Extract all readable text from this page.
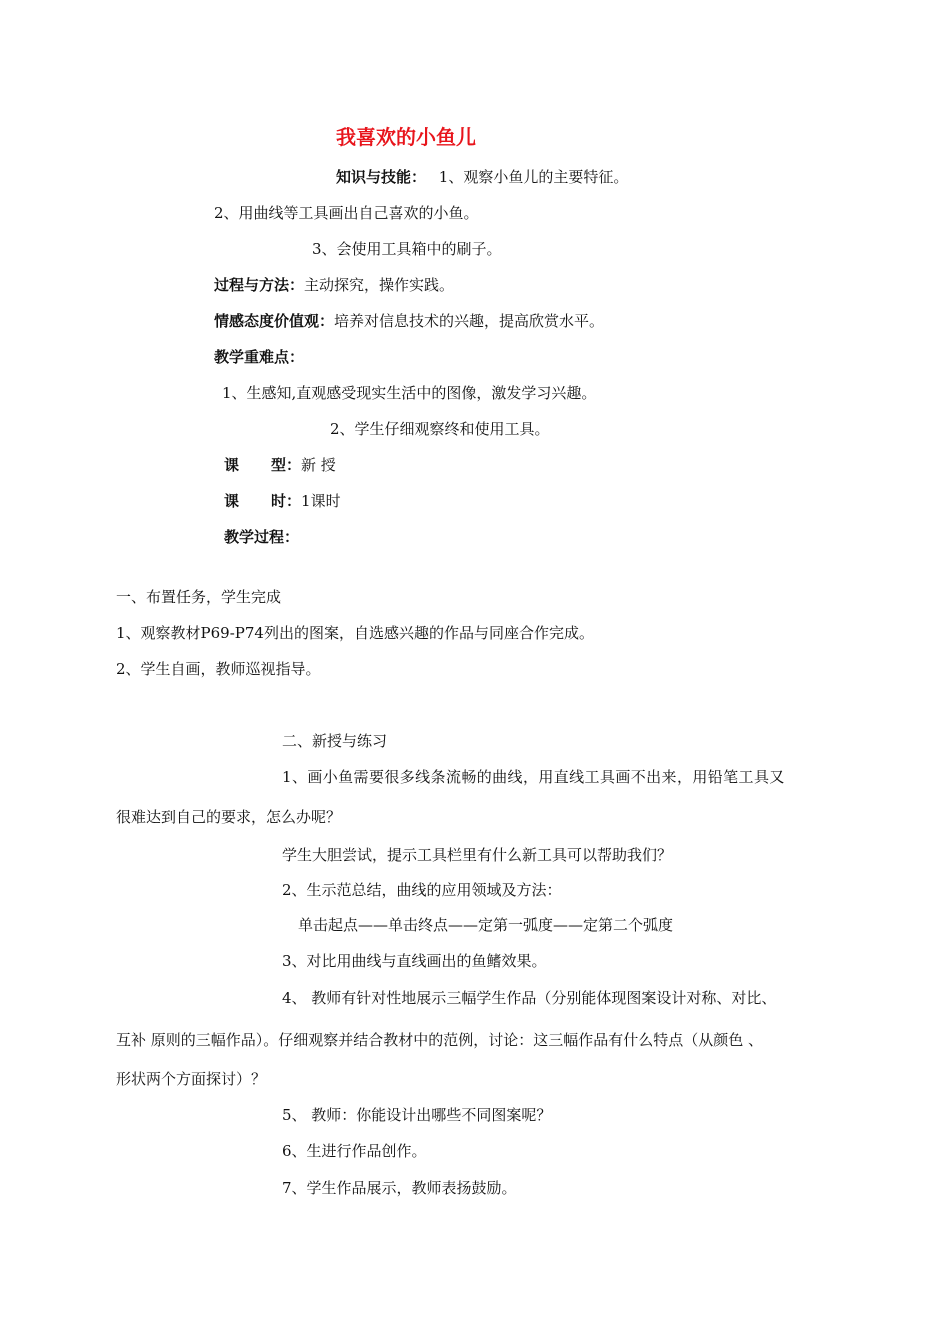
我喜欢的小鱼儿
知识与技能： 1、观察小鱼儿的主要特征。
2、用曲线等工具画出自己喜欢的小鱼。
3、会使用工具箱中的刷子。
过程与方法：主动探究，操作实践。
情感态度价值观：培养对信息技术的兴趣，提高欣赏水平。
教学重难点：
1、生感知,直观感受现实生活中的图像，激发学习兴趣。
2、学生仔细观察终和使用工具。
课 型：新 授
课 时：1课时
教学过程：
一、布置任务，学生完成
1、观察教材P69-P74列出的图案，自选感兴趣的作品与同座合作完成。
2、学生自画，教师巡视指导。
二、新授与练习
1、画小鱼需要很多线条流畅的曲线，用直线工具画不出来，用铅笔工具又
很难达到自己的要求，怎么办呢？
学生大胆尝试，提示工具栏里有什么新工具可以帮助我们？
2、生示范总结，曲线的应用领域及方法：
单击起点——单击终点——定第一弧度——定第二个弧度
3、对比用曲线与直线画出的鱼鳍效果。
4、 教师有针对性地展示三幅学生作品（分别能体现图案设计对称、对比、
互补 原则的三幅作品）。仔细观察并结合教材中的范例，讨论：这三幅作品有什么特点（从颜色 、
形状两个方面探讨）？
5、 教师：你能设计出哪些不同图案呢？
6、生进行作品创作。
7、学生作品展示，教师表扬鼓励。
